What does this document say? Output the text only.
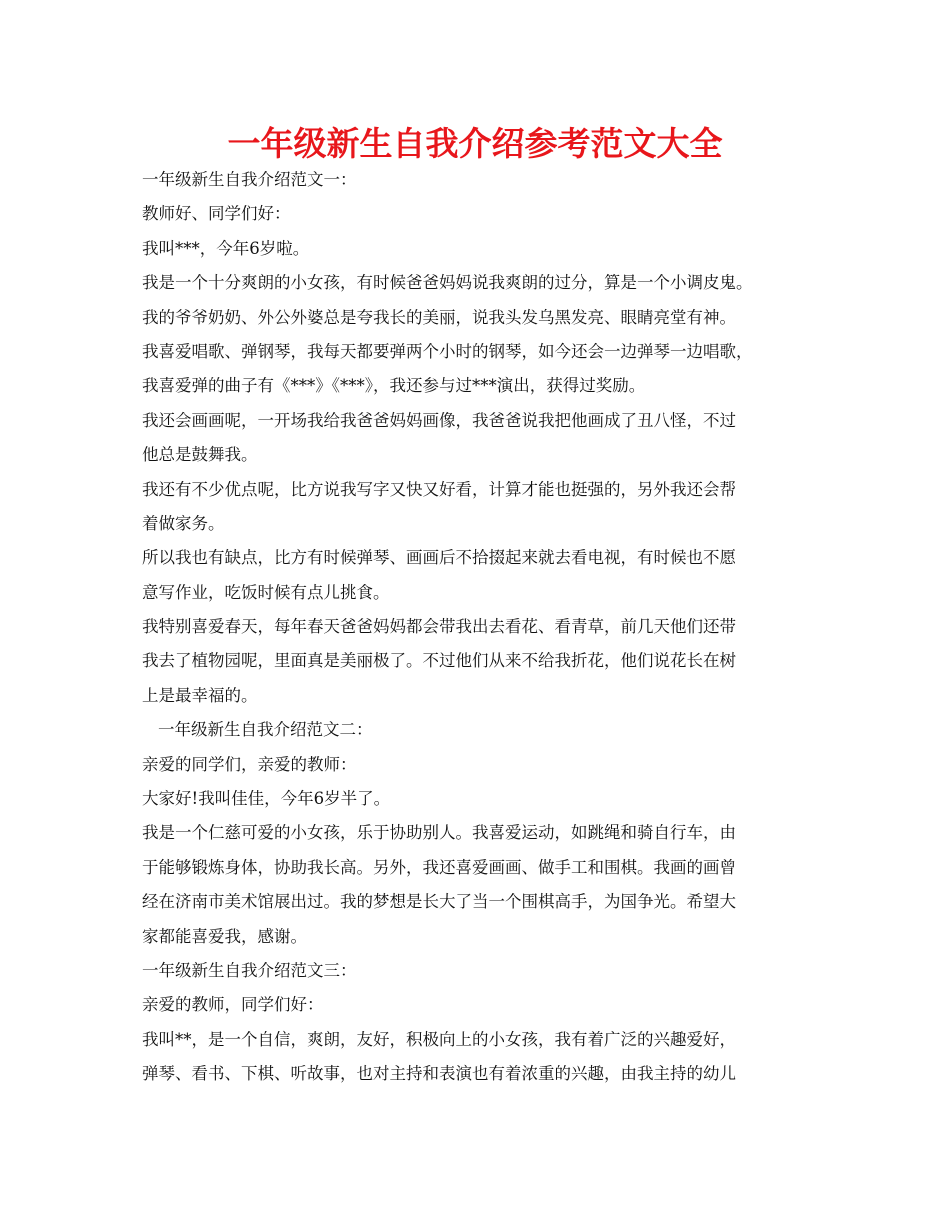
一年级新生自我介绍参考范文大全

一年级新生自我介绍范文一：

教师好、同学们好：

我叫***，今年6岁啦。

我是一个十分爽朗的小女孩，有时候爸爸妈妈说我爽朗的过分，算是一个小调皮鬼。

我的爷爷奶奶、外公外婆总是夸我长的美丽，说我头发乌黑发亮、眼睛亮堂有神。

我喜爱唱歌、弹钢琴，我每天都要弹两个小时的钢琴，如今还会一边弹琴一边唱歌，

我喜爱弹的曲子有《***》《***》，我还参与过***演出，获得过奖励。

我还会画画呢，一开场我给我爸爸妈妈画像，我爸爸说我把他画成了丑八怪，不过

他总是鼓舞我。

我还有不少优点呢，比方说我写字又快又好看，计算才能也挺强的，另外我还会帮

着做家务。

所以我也有缺点，比方有时候弹琴、画画后不拾掇起来就去看电视，有时候也不愿

意写作业，吃饭时候有点儿挑食。

我特别喜爱春天，每年春天爸爸妈妈都会带我出去看花、看青草，前几天他们还带

我去了植物园呢，里面真是美丽极了。不过他们从来不给我折花，他们说花长在树

上是最幸福的。

一年级新生自我介绍范文二：

亲爱的同学们，亲爱的教师：

大家好!我叫佳佳，今年6岁半了。

我是一个仁慈可爱的小女孩，乐于协助别人。我喜爱运动，如跳绳和骑自行车，由

于能够锻炼身体，协助我长高。另外，我还喜爱画画、做手工和围棋。我画的画曾

经在济南市美术馆展出过。我的梦想是长大了当一个围棋高手，为国争光。希望大

家都能喜爱我，感谢。

一年级新生自我介绍范文三：

亲爱的教师，同学们好：

我叫**，是一个自信，爽朗，友好，积极向上的小女孩，我有着广泛的兴趣爱好，

弹琴、看书、下棋、听故事，也对主持和表演也有着浓重的兴趣，由我主持的幼儿
